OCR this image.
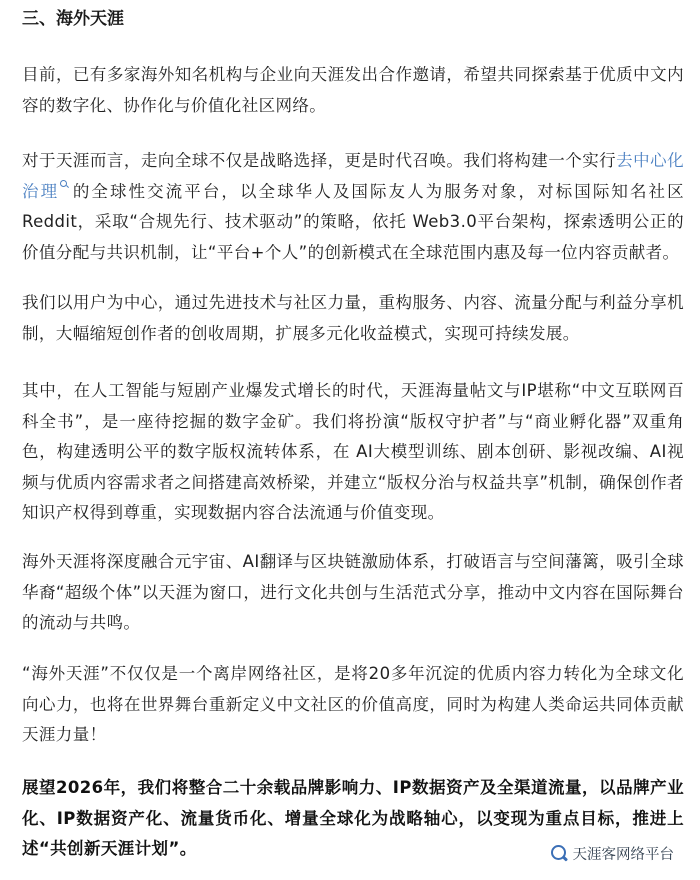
三、海外天涯

目前，已有多家海外知名机构与企业向天涯发出合作邀请，希望共同探索基于优质中文内容的数字化、协作化与价值化社区网络。

对于天涯而言，走向全球不仅是战略选择，更是时代召唤。我们将构建一个实行去中心化治理 的全球性交流平台，以全球华人及国际友人为服务对象，对标国际知名社区Reddit，采取“合规先行、技术驱动”的策略，依托 Web3.0平台架构，探索透明公正的价值分配与共识机制，让“平台+个人”的创新模式在全球范围内惠及每一位内容贡献者。

我们以用户为中心，通过先进技术与社区力量，重构服务、内容、流量分配与利益分享机制，大幅缩短创作者的创收周期，扩展多元化收益模式，实现可持续发展。

其中，在人工智能与短剧产业爆发式增长的时代，天涯海量帖文与IP堪称“中文互联网百科全书”，是一座待挖掘的数字金矿。我们将扮演“版权守护者”与“商业孵化器”双重角色，构建透明公平的数字版权流转体系，在 AI大模型训练、剧本创研、影视改编、AI视频与优质内容需求者之间搭建高效桥梁，并建立“版权分治与权益共享”机制，确保创作者知识产权得到尊重，实现数据内容合法流通与价值变现。

海外天涯将深度融合元宇宙、AI翻译与区块链激励体系，打破语言与空间藩篱，吸引全球华裔“超级个体”以天涯为窗口，进行文化共创与生活范式分享，推动中文内容在国际舞台的流动与共鸣。

“海外天涯”不仅仅是一个离岸网络社区，是将20多年沉淀的优质内容力转化为全球文化向心力，也将在世界舞台重新定义中文社区的价值高度，同时为构建人类命运共同体贡献天涯力量！

展望2026年，我们将整合二十余载品牌影响力、IP数据资产及全渠道流量，以品牌产业化、IP数据资产化、流量货币化、增量全球化为战略轴心，以变现为重点目标，推进上述“共创新天涯计划”。	天涯客网络平台
